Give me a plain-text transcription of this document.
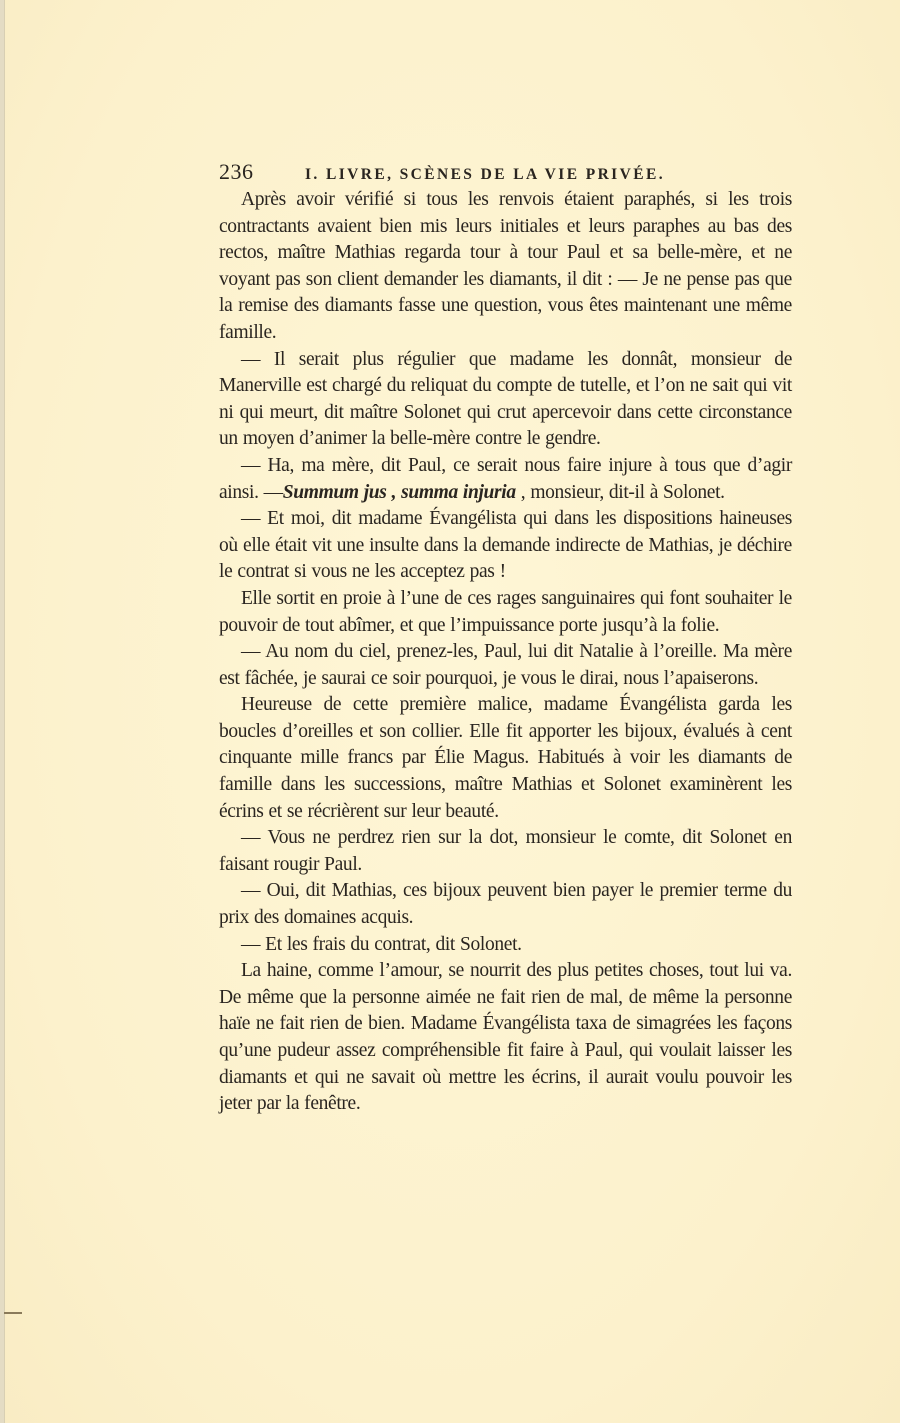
236	I. LIVRE, SCÈNES DE LA VIE PRIVÉE.

Après avoir vérifié si tous les renvois étaient paraphés, si les trois contractants avaient bien mis leurs initiales et leurs paraphes au bas des rectos, maître Mathias regarda tour à tour Paul et sa belle-mère, et ne voyant pas son client demander les diamants, il dit : — Je ne pense pas que la remise des diamants fasse une question, vous êtes maintenant une même famille.

— Il serait plus régulier que madame les donnât, monsieur de Manerville est chargé du reliquat du compte de tutelle, et l’on ne sait qui vit ni qui meurt, dit maître Solonet qui crut apercevoir dans cette circonstance un moyen d’animer la belle-mère contre le gendre.

— Ha, ma mère, dit Paul, ce serait nous faire injure à tous que d’agir ainsi. —Summum jus , summa injuria , monsieur, dit-il à Solonet.

— Et moi, dit madame Évangélista qui dans les dispositions haineuses où elle était vit une insulte dans la demande indirecte de Mathias, je déchire le contrat si vous ne les acceptez pas !

Elle sortit en proie à l’une de ces rages sanguinaires qui font souhaiter le pouvoir de tout abîmer, et que l’impuissance porte jusqu’à la folie.

— Au nom du ciel, prenez-les, Paul, lui dit Natalie à l’oreille. Ma mère est fâchée, je saurai ce soir pourquoi, je vous le dirai, nous l’apaiserons.

Heureuse de cette première malice, madame Évangélista garda les boucles d’oreilles et son collier. Elle fit apporter les bijoux, évalués à cent cinquante mille francs par Élie Magus. Habitués à voir les diamants de famille dans les successions, maître Mathias et Solonet examinèrent les écrins et se récrièrent sur leur beauté.

— Vous ne perdrez rien sur la dot, monsieur le comte, dit Solonet en faisant rougir Paul.

— Oui, dit Mathias, ces bijoux peuvent bien payer le premier terme du prix des domaines acquis.

— Et les frais du contrat, dit Solonet.

La haine, comme l’amour, se nourrit des plus petites choses, tout lui va. De même que la personne aimée ne fait rien de mal, de même la personne haïe ne fait rien de bien. Madame Évangélista taxa de simagrées les façons qu’une pudeur assez compréhensible fit faire à Paul, qui voulait laisser les diamants et qui ne savait où mettre les écrins, il aurait voulu pouvoir les jeter par la fenêtre.
